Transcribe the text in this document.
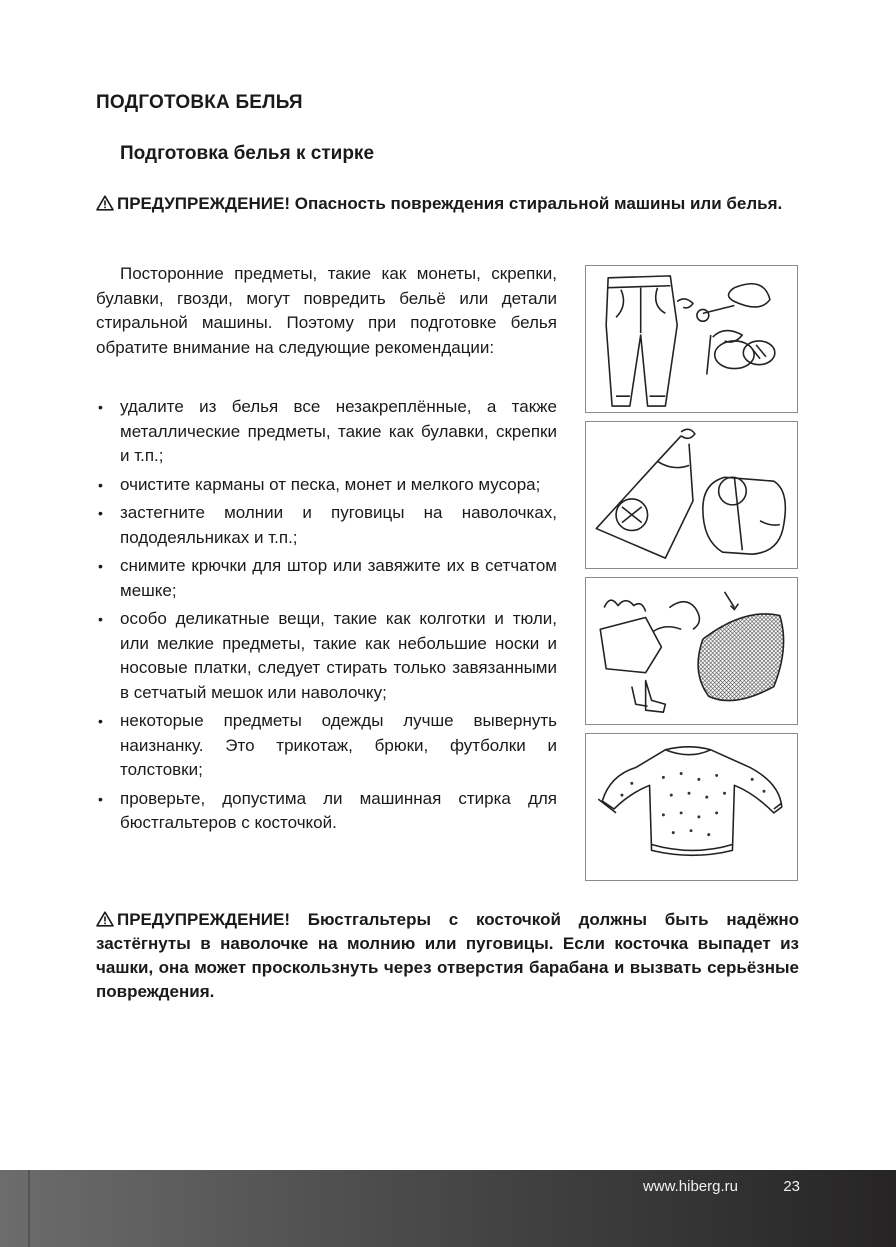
ПОДГОТОВКА БЕЛЬЯ
Подготовка белья к стирке
ПРЕДУПРЕЖДЕНИЕ! Опасность повреждения стиральной машины или белья.

Посторонние предметы, такие как монеты, скрепки, булавки, гвозди, могут повредить бельё или детали стиральной машины. Поэтому при подготовке белья обратите внимание на следующие рекомендации:

• удалите из белья все незакреплённые, а также металлические предметы, такие как булавки, скрепки и т.п.;
• очистите карманы от песка, монет и мелкого мусора;
• застегните молнии и пуговицы на наволочках, пододеяльниках и т.п.;
• снимите крючки для штор или завяжите их в сетчатом мешке;
• особо деликатные вещи, такие как колготки и тюли, или мелкие предметы, такие как небольшие носки и носовые платки, следует стирать только завязанными в сетчатый мешок или наволочку;
• некоторые предметы одежды лучше вывернуть наизнанку. Это трикотаж, брюки, футболки и толстовки;
• проверьте, допустима ли машинная стирка для бюстгальтеров с косточкой.
ПРЕДУПРЕЖДЕНИЕ! Бюстгальтеры с косточкой должны быть надёжно застёгнуты в наволочке на молнию или пуговицы. Если косточка выпадет из чашки, она может проскользнуть через отверстия барабана и вызвать серьёзные повреждения.
www.hiberg.ru	23
